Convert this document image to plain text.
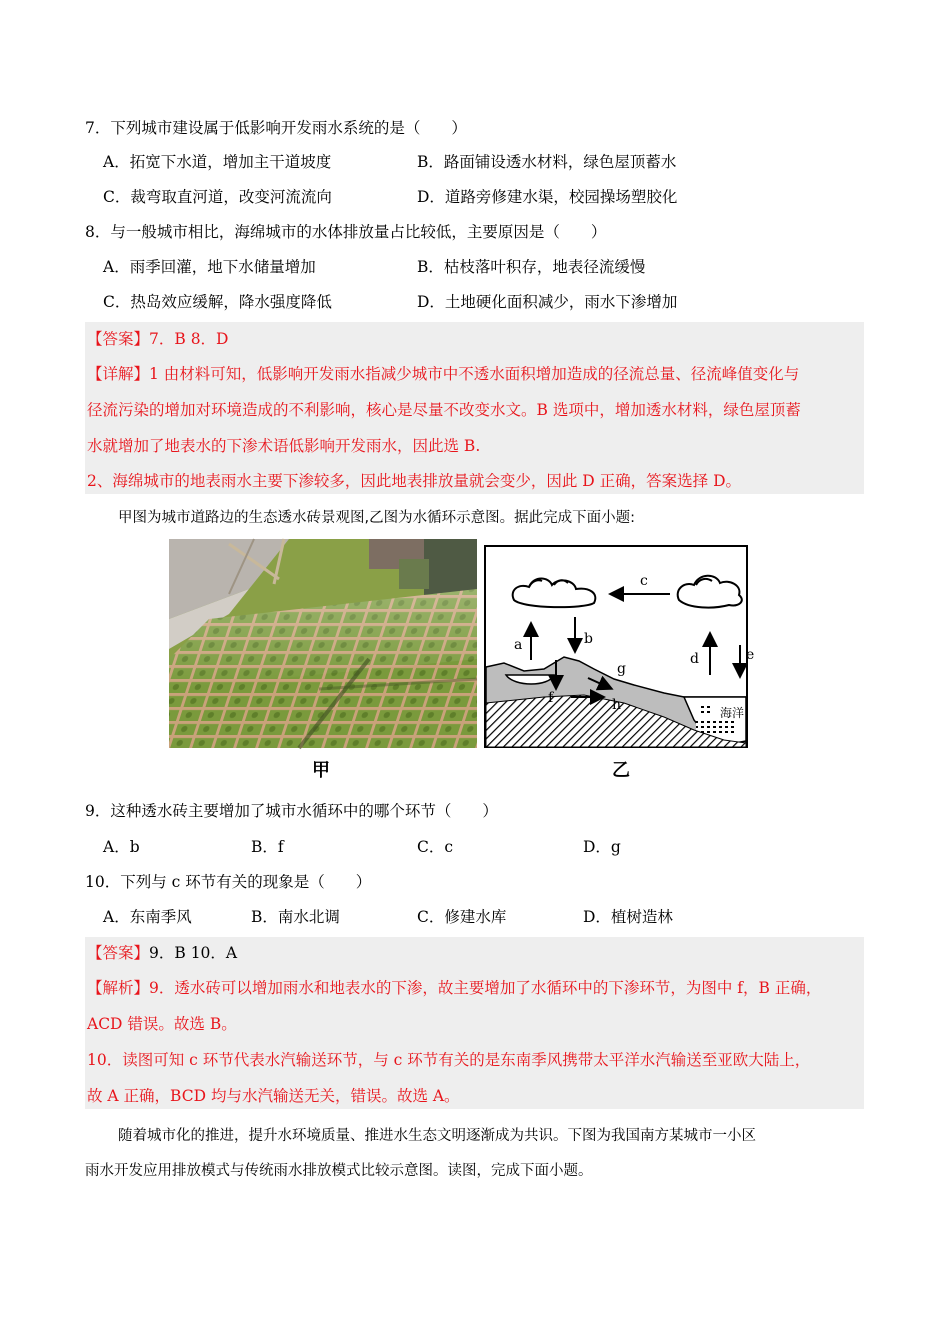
7．下列城市建设属于低影响开发雨水系统的是（　　）
A．拓宽下水道，增加主干道坡度	B．路面铺设透水材料，绿色屋顶蓄水
C．裁弯取直河道，改变河流流向	D．道路旁修建水渠，校园操场塑胶化
8．与一般城市相比，海绵城市的水体排放量占比较低，主要原因是（　　）
A．雨季回灌，地下水储量增加	B．枯枝落叶积存，地表径流缓慢
C．热岛效应缓解，降水强度降低	D．土地硬化面积减少，雨水下渗增加
【答案】7．B 8．D
【详解】1 由材料可知，低影响开发雨水指减少城市中不透水面积增加造成的径流总量、径流峰值变化与
径流污染的增加对环境造成的不利影响，核心是尽量不改变水文。B 选项中，增加透水材料，绿色屋顶蓄
水就增加了地表水的下渗术语低影响开发雨水，因此选 B.
2、海绵城市的地表雨水主要下渗较多，因此地表排放量就会变少，因此 D 正确，答案选择 D。
甲图为城市道路边的生态透水砖景观图,乙图为水循环示意图。据此完成下面小题:
甲
c
a	b
d	e
海洋
f
g
h
乙
9．这种透水砖主要增加了城市水循环中的哪个环节（　　）
A．b	B．f	C．c	D．g
10．下列与 c 环节有关的现象是（　　）
A．东南季风	B．南水北调	C．修建水库	D．植树造林
【答案】9．B 10．A
【解析】9．透水砖可以增加雨水和地表水的下渗，故主要增加了水循环中的下渗环节，为图中 f，B 正确，
ACD 错误。故选 B。
10．读图可知 c 环节代表水汽输送环节，与 c 环节有关的是东南季风携带太平洋水汽输送至亚欧大陆上，
故 A 正确，BCD 均与水汽输送无关，错误。故选 A。
随着城市化的推进，提升水环境质量、推进水生态文明逐渐成为共识。下图为我国南方某城市一小区
雨水开发应用排放模式与传统雨水排放模式比较示意图。读图，完成下面小题。
